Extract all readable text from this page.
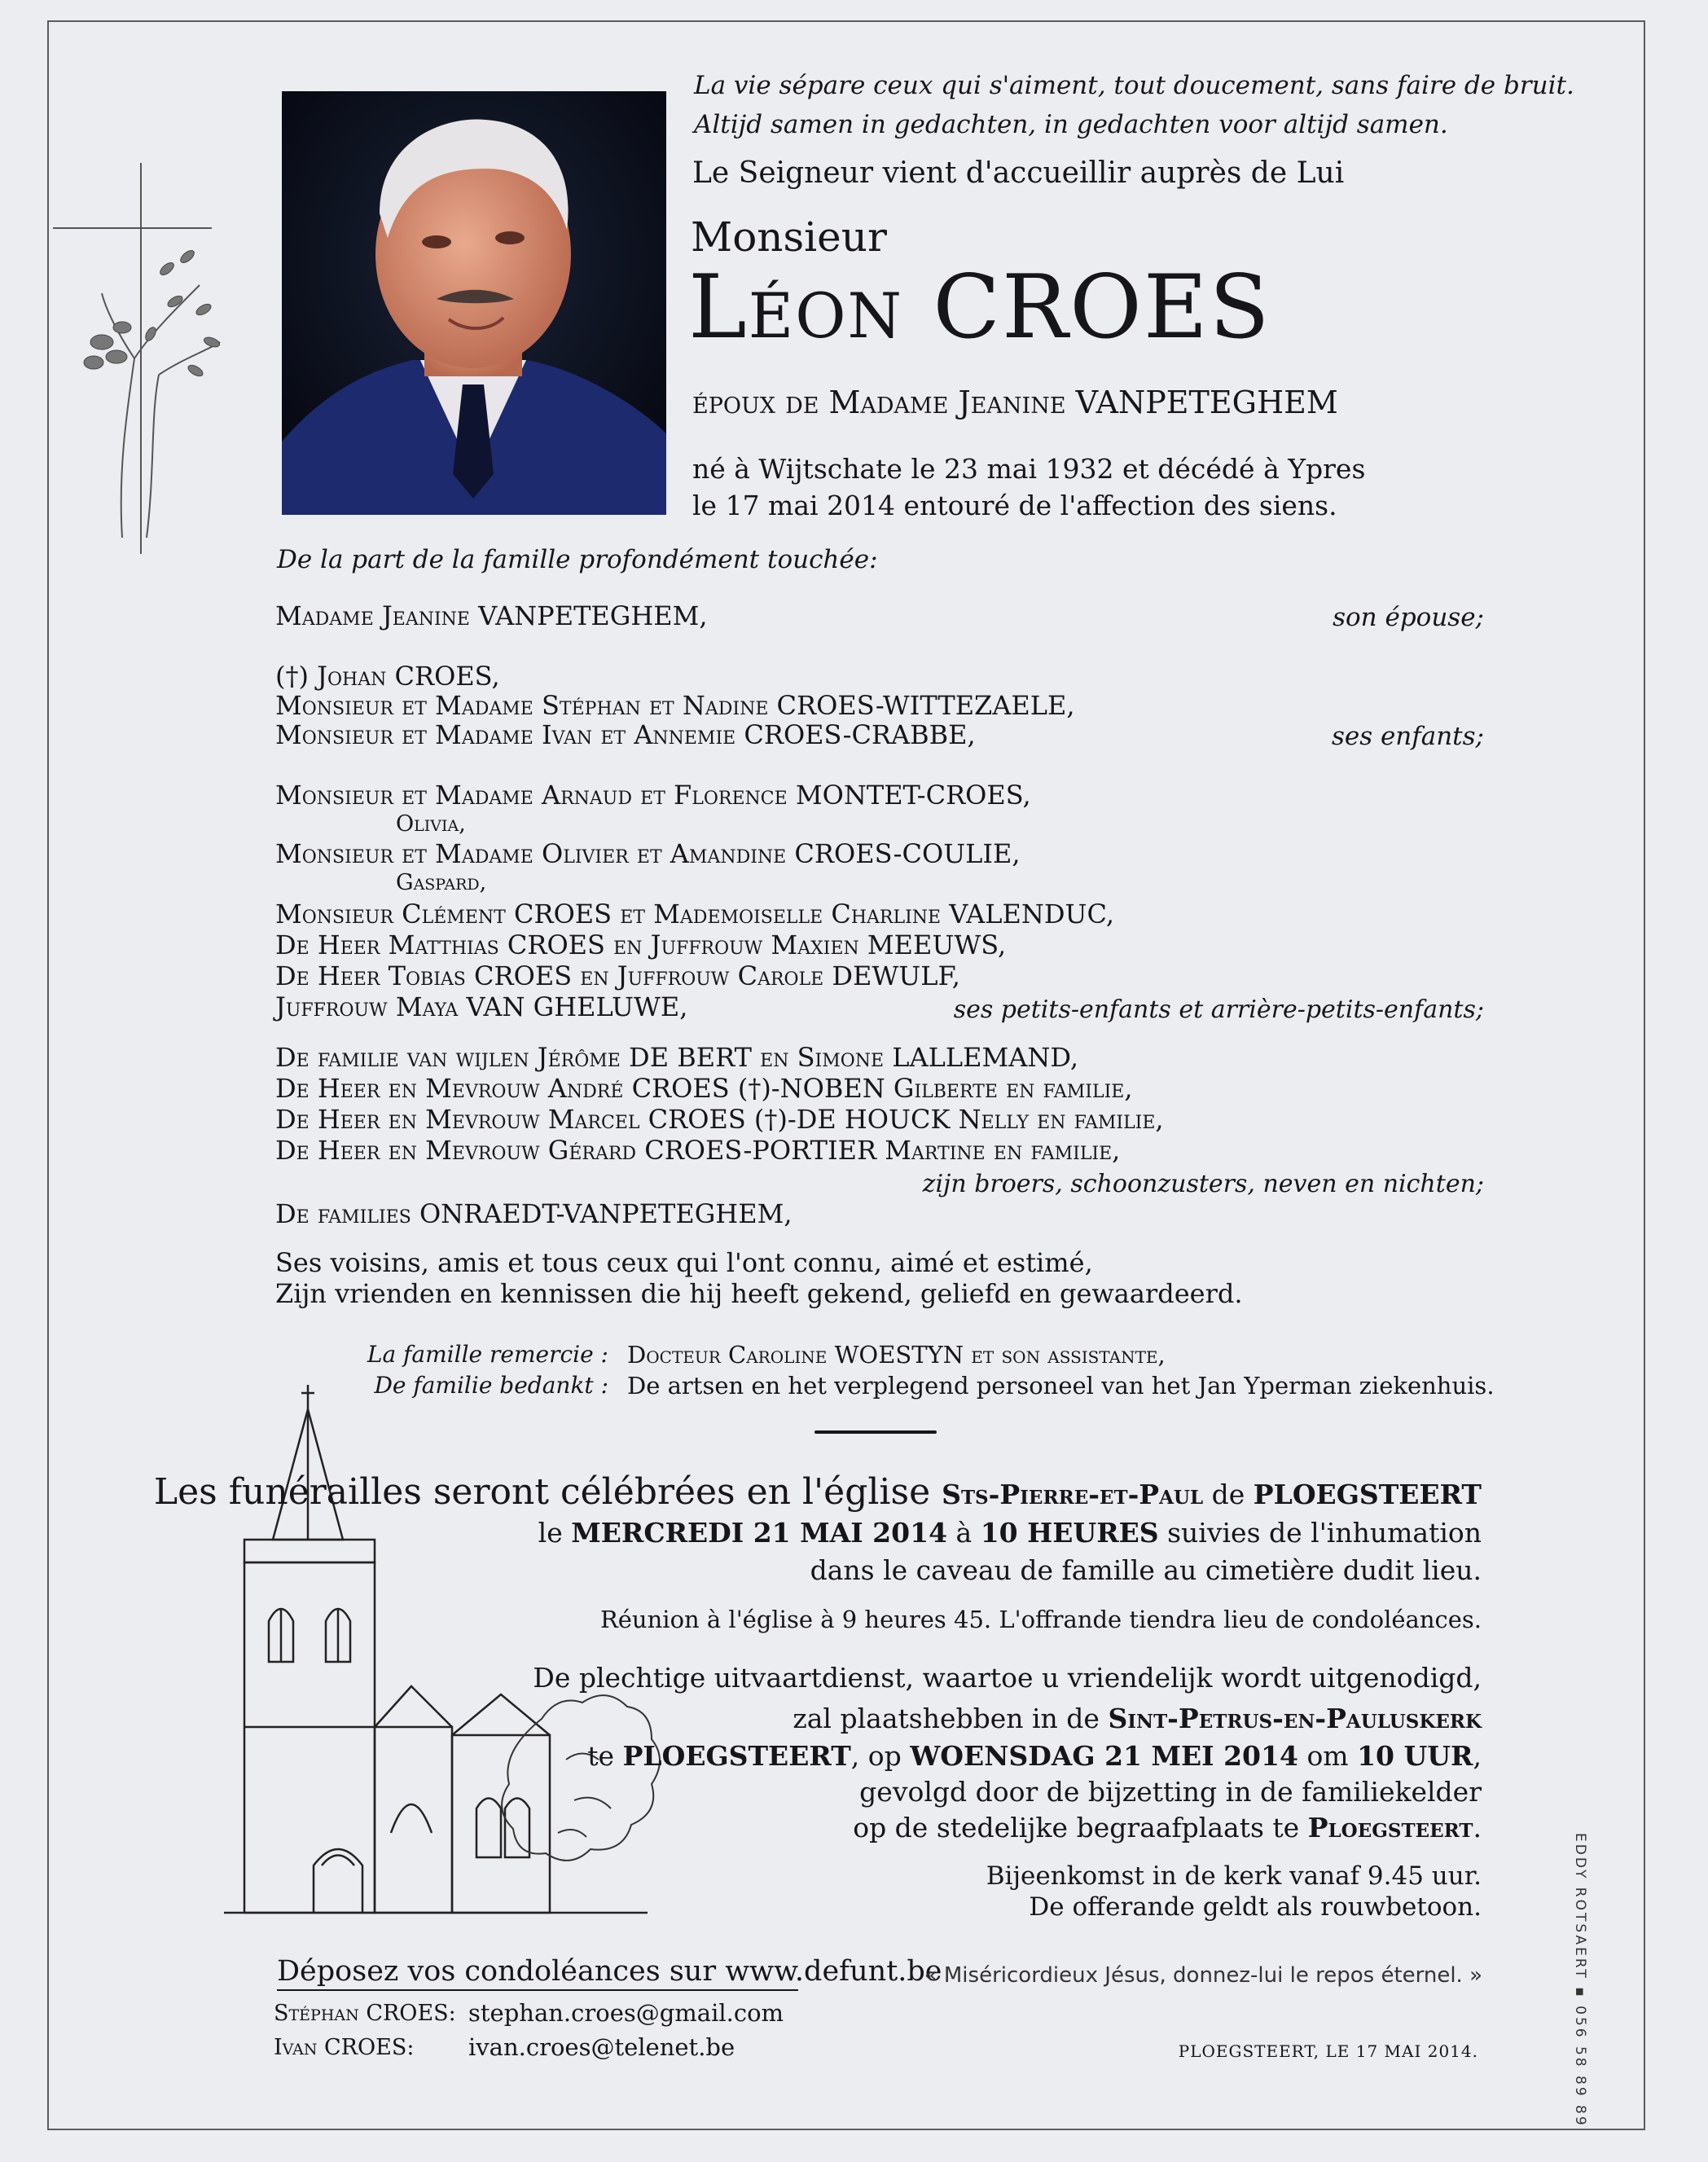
La vie sépare ceux qui s'aiment, tout doucement, sans faire de bruit.
Altijd samen in gedachten, in gedachten voor altijd samen.
Le Seigneur vient d'accueillir auprès de Lui
Monsieur
Léon CROES
époux de Madame Jeanine VANPETEGHEM
né à Wijtschate le 23 mai 1932 et décédé à Ypres
le 17 mai 2014 entouré de l'affection des siens.
De la part de la famille profondément touchée:
Madame Jeanine VANPETEGHEM,	son épouse;
(†) Johan CROES,
Monsieur et Madame Stéphan et Nadine CROES-WITTEZAELE,
Monsieur et Madame Ivan et Annemie CROES-CRABBE,	ses enfants;
Monsieur et Madame Arnaud et Florence MONTET-CROES,
Olivia,
Monsieur et Madame Olivier et Amandine CROES-COULIE,
Gaspard,
Monsieur Clément CROES et Mademoiselle Charline VALENDUC,
De Heer Matthias CROES en Juffrouw Maxien MEEUWS,
De Heer Tobias CROES en Juffrouw Carole DEWULF,
Juffrouw Maya VAN GHELUWE,	ses petits-enfants et arrière-petits-enfants;
De familie van wijlen Jérôme DE BERT en Simone LALLEMAND,
De Heer en Mevrouw André CROES (†)-NOBEN Gilberte en familie,
De Heer en Mevrouw Marcel CROES (†)-DE HOUCK Nelly en familie,
De Heer en Mevrouw Gérard CROES-PORTIER Martine en familie,
zijn broers, schoonzusters, neven en nichten;
De families ONRAEDT-VANPETEGHEM,
Ses voisins, amis et tous ceux qui l'ont connu, aimé et estimé,
Zijn vrienden en kennissen die hij heeft gekend, geliefd en gewaardeerd.
La famille remercie : Docteur Caroline WOESTYN et son assistante,
De familie bedankt : De artsen en het verplegend personeel van het Jan Yperman ziekenhuis.
Les funérailles seront célébrées en l'église Sts-Pierre-et-Paul de PLOEGSTEERT
le MERCREDI 21 MAI 2014 à 10 HEURES suivies de l'inhumation
dans le caveau de famille au cimetière dudit lieu.
Réunion à l'église à 9 heures 45. L'offrande tiendra lieu de condoléances.
De plechtige uitvaartdienst, waartoe u vriendelijk wordt uitgenodigd,
zal plaatshebben in de Sint-Petrus-en-Pauluskerk
te PLOEGSTEERT, op WOENSDAG 21 MEI 2014 om 10 UUR,
gevolgd door de bijzetting in de familiekelder
op de stedelijke begraafplaats te Ploegsteert.
Bijeenkomst in de kerk vanaf 9.45 uur.
De offerande geldt als rouwbetoon.
Déposez vos condoléances sur www.defunt.be
Stéphan CROES: stephan.croes@gmail.com
Ivan CROES: ivan.croes@telenet.be
« Miséricordieux Jésus, donnez-lui le repos éternel. »
PLOEGSTEERT, LE 17 MAI 2014.	EDDY ROTSAERT ▪ 056 58 89 89
